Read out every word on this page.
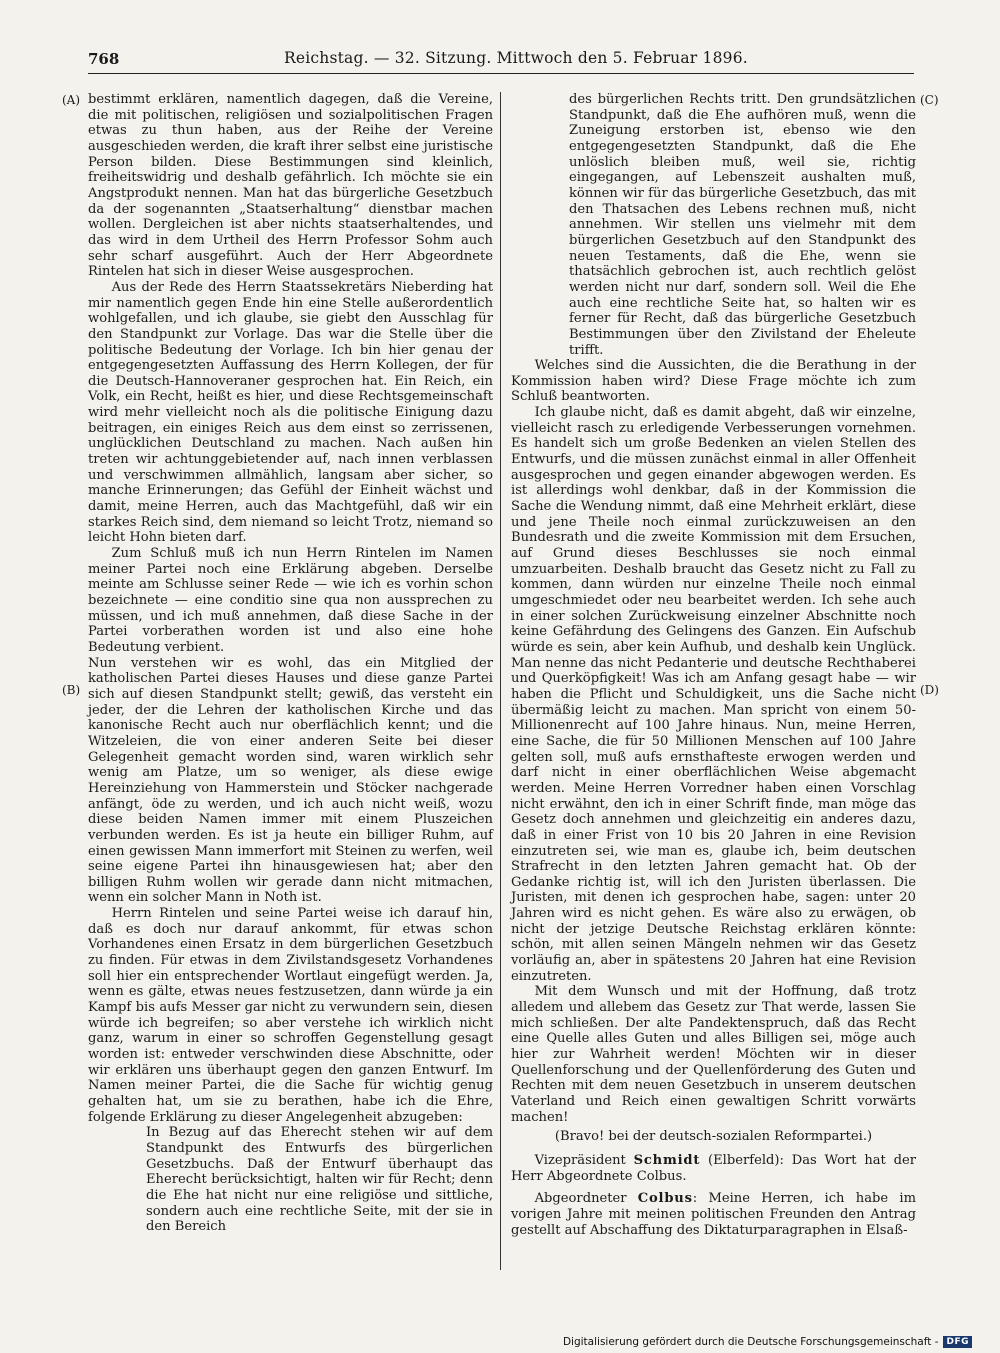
768	Reichstag. — 32. Sitzung. Mittwoch den 5. Februar 1896.
(A)
(B)
(C)
(D)

bestimmt erklären, namentlich dagegen, daß die Vereine, die mit politischen, religiösen und sozialpolitischen Fragen etwas zu thun haben, aus der Reihe der Vereine ausgeschieden werden, die kraft ihrer selbst eine juristische Person bilden. Diese Bestimmungen sind kleinlich, freiheitswidrig und deshalb gefährlich. Ich möchte sie ein Angstprodukt nennen. Man hat das bürgerliche Gesetzbuch da der sogenannten „Staatserhaltung“ dienstbar machen wollen. Dergleichen ist aber nichts staatserhaltendes, und das wird in dem Urtheil des Herrn Professor Sohm auch sehr scharf ausgeführt. Auch der Herr Abgeordnete Rintelen hat sich in dieser Weise ausgesprochen.

Aus der Rede des Herrn Staatssekretärs Nieberding hat mir namentlich gegen Ende hin eine Stelle außerordentlich wohlgefallen, und ich glaube, sie giebt den Ausschlag für den Standpunkt zur Vorlage. Das war die Stelle über die politische Bedeutung der Vorlage. Ich bin hier genau der entgegengesetzten Auffassung des Herrn Kollegen, der für die Deutsch-Hannoveraner gesprochen hat. Ein Reich, ein Volk, ein Recht, heißt es hier, und diese Rechtsgemeinschaft wird mehr vielleicht noch als die politische Einigung dazu beitragen, ein einiges Reich aus dem einst so zerrissenen, unglücklichen Deutschland zu machen. Nach außen hin treten wir achtunggebietender auf, nach innen verblassen und verschwimmen allmählich, langsam aber sicher, so manche Erinnerungen; das Gefühl der Einheit wächst und damit, meine Herren, auch das Machtgefühl, daß wir ein starkes Reich sind, dem niemand so leicht Trotz, niemand so leicht Hohn bieten darf.

Zum Schluß muß ich nun Herrn Rintelen im Namen meiner Partei noch eine Erklärung abgeben. Derselbe meinte am Schlusse seiner Rede — wie ich es vorhin schon bezeichnete — eine conditio sine qua non aussprechen zu müssen, und ich muß annehmen, daß diese Sache in der Partei vorberathen worden ist und also eine hohe Bedeutung verbient.

Nun verstehen wir es wohl, das ein Mitglied der katholischen Partei dieses Hauses und diese ganze Partei sich auf diesen Standpunkt stellt; gewiß, das versteht ein jeder, der die Lehren der katholischen Kirche und das kanonische Recht auch nur oberflächlich kennt; und die Witzeleien, die von einer anderen Seite bei dieser Gelegenheit gemacht worden sind, waren wirklich sehr wenig am Platze, um so weniger, als diese ewige Hereinziehung von Hammerstein und Stöcker nachgerade anfängt, öde zu werden, und ich auch nicht weiß, wozu diese beiden Namen immer mit einem Pluszeichen verbunden werden. Es ist ja heute ein billiger Ruhm, auf einen gewissen Mann immerfort mit Steinen zu werfen, weil seine eigene Partei ihn hinausgewiesen hat; aber den billigen Ruhm wollen wir gerade dann nicht mitmachen, wenn ein solcher Mann in Noth ist.

Herrn Rintelen und seine Partei weise ich darauf hin, daß es doch nur darauf ankommt, für etwas schon Vorhandenes einen Ersatz in dem bürgerlichen Gesetzbuch zu finden. Für etwas in dem Zivilstandsgesetz Vorhandenes soll hier ein entsprechender Wortlaut eingefügt werden. Ja, wenn es gälte, etwas neues festzusetzen, dann würde ja ein Kampf bis aufs Messer gar nicht zu verwundern sein, diesen würde ich begreifen; so aber verstehe ich wirklich nicht ganz, warum in einer so schroffen Gegenstellung gesagt worden ist: entweder verschwinden diese Abschnitte, oder wir erklären uns überhaupt gegen den ganzen Entwurf. Im Namen meiner Partei, die die Sache für wichtig genug gehalten hat, um sie zu berathen, habe ich die Ehre, folgende Erklärung zu dieser Angelegenheit abzugeben:

In Bezug auf das Eherecht stehen wir auf dem Standpunkt des Entwurfs des bürgerlichen Gesetzbuchs. Daß der Entwurf überhaupt das Eherecht berücksichtigt, halten wir für Recht; denn die Ehe hat nicht nur eine religiöse und sittliche, sondern auch eine rechtliche Seite, mit der sie in den Bereich

des bürgerlichen Rechts tritt. Den grundsätzlichen Standpunkt, daß die Ehe aufhören muß, wenn die Zuneigung erstorben ist, ebenso wie den entgegengesetzten Standpunkt, daß die Ehe unlöslich bleiben muß, weil sie, richtig eingegangen, auf Lebenszeit aushalten muß, können wir für das bürgerliche Gesetzbuch, das mit den Thatsachen des Lebens rechnen muß, nicht annehmen. Wir stellen uns vielmehr mit dem bürgerlichen Gesetzbuch auf den Standpunkt des neuen Testaments, daß die Ehe, wenn sie thatsächlich gebrochen ist, auch rechtlich gelöst werden nicht nur darf, sondern soll. Weil die Ehe auch eine rechtliche Seite hat, so halten wir es ferner für Recht, daß das bürgerliche Gesetzbuch Bestimmungen über den Zivilstand der Eheleute trifft.

Welches sind die Aussichten, die die Berathung in der Kommission haben wird? Diese Frage möchte ich zum Schluß beantworten.

Ich glaube nicht, daß es damit abgeht, daß wir einzelne, vielleicht rasch zu erledigende Verbesserungen vornehmen. Es handelt sich um große Bedenken an vielen Stellen des Entwurfs, und die müssen zunächst einmal in aller Offenheit ausgesprochen und gegen einander abgewogen werden. Es ist allerdings wohl denkbar, daß in der Kommission die Sache die Wendung nimmt, daß eine Mehrheit erklärt, diese und jene Theile noch einmal zurückzuweisen an den Bundesrath und die zweite Kommission mit dem Ersuchen, auf Grund dieses Beschlusses sie noch einmal umzuarbeiten. Deshalb braucht das Gesetz nicht zu Fall zu kommen, dann würden nur einzelne Theile noch einmal umgeschmiedet oder neu bearbeitet werden. Ich sehe auch in einer solchen Zurückweisung einzelner Abschnitte noch keine Gefährdung des Gelingens des Ganzen. Ein Aufschub würde es sein, aber kein Aufhub, und deshalb kein Unglück. Man nenne das nicht Pedanterie und deutsche Rechthaberei und Querköpfigkeit! Was ich am Anfang gesagt habe — wir haben die Pflicht und Schuldigkeit, uns die Sache nicht übermäßig leicht zu machen. Man spricht von einem 50-Millionenrecht auf 100 Jahre hinaus. Nun, meine Herren, eine Sache, die für 50 Millionen Menschen auf 100 Jahre gelten soll, muß aufs ernsthafteste erwogen werden und darf nicht in einer oberflächlichen Weise abgemacht werden. Meine Herren Vorredner haben einen Vorschlag nicht erwähnt, den ich in einer Schrift finde, man möge das Gesetz doch annehmen und gleichzeitig ein anderes dazu, daß in einer Frist von 10 bis 20 Jahren in eine Revision einzutreten sei, wie man es, glaube ich, beim deutschen Strafrecht in den letzten Jahren gemacht hat. Ob der Gedanke richtig ist, will ich den Juristen überlassen. Die Juristen, mit denen ich gesprochen habe, sagen: unter 20 Jahren wird es nicht gehen. Es wäre also zu erwägen, ob nicht der jetzige Deutsche Reichstag erklären könnte: schön, mit allen seinen Mängeln nehmen wir das Gesetz vorläufig an, aber in spätestens 20 Jahren hat eine Revision einzutreten.

Mit dem Wunsch und mit der Hoffnung, daß trotz alledem und allebem das Gesetz zur That werde, lassen Sie mich schließen. Der alte Pandektenspruch, daß das Recht eine Quelle alles Guten und alles Billigen sei, möge auch hier zur Wahrheit werden! Möchten wir in dieser Quellenforschung und der Quellenförderung des Guten und Rechten mit dem neuen Gesetzbuch in unserem deutschen Vaterland und Reich einen gewaltigen Schritt vorwärts machen!

(Bravo! bei der deutsch-sozialen Reformpartei.)

Vizepräsident Schmidt (Elberfeld): Das Wort hat der Herr Abgeordnete Colbus.

Abgeordneter Colbus: Meine Herren, ich habe im vorigen Jahre mit meinen politischen Freunden den Antrag gestellt auf Abschaffung des Diktaturparagraphen in Elsaß-

Digitalisierung gefördert durch die Deutsche Forschungsgemeinschaft - DFG
